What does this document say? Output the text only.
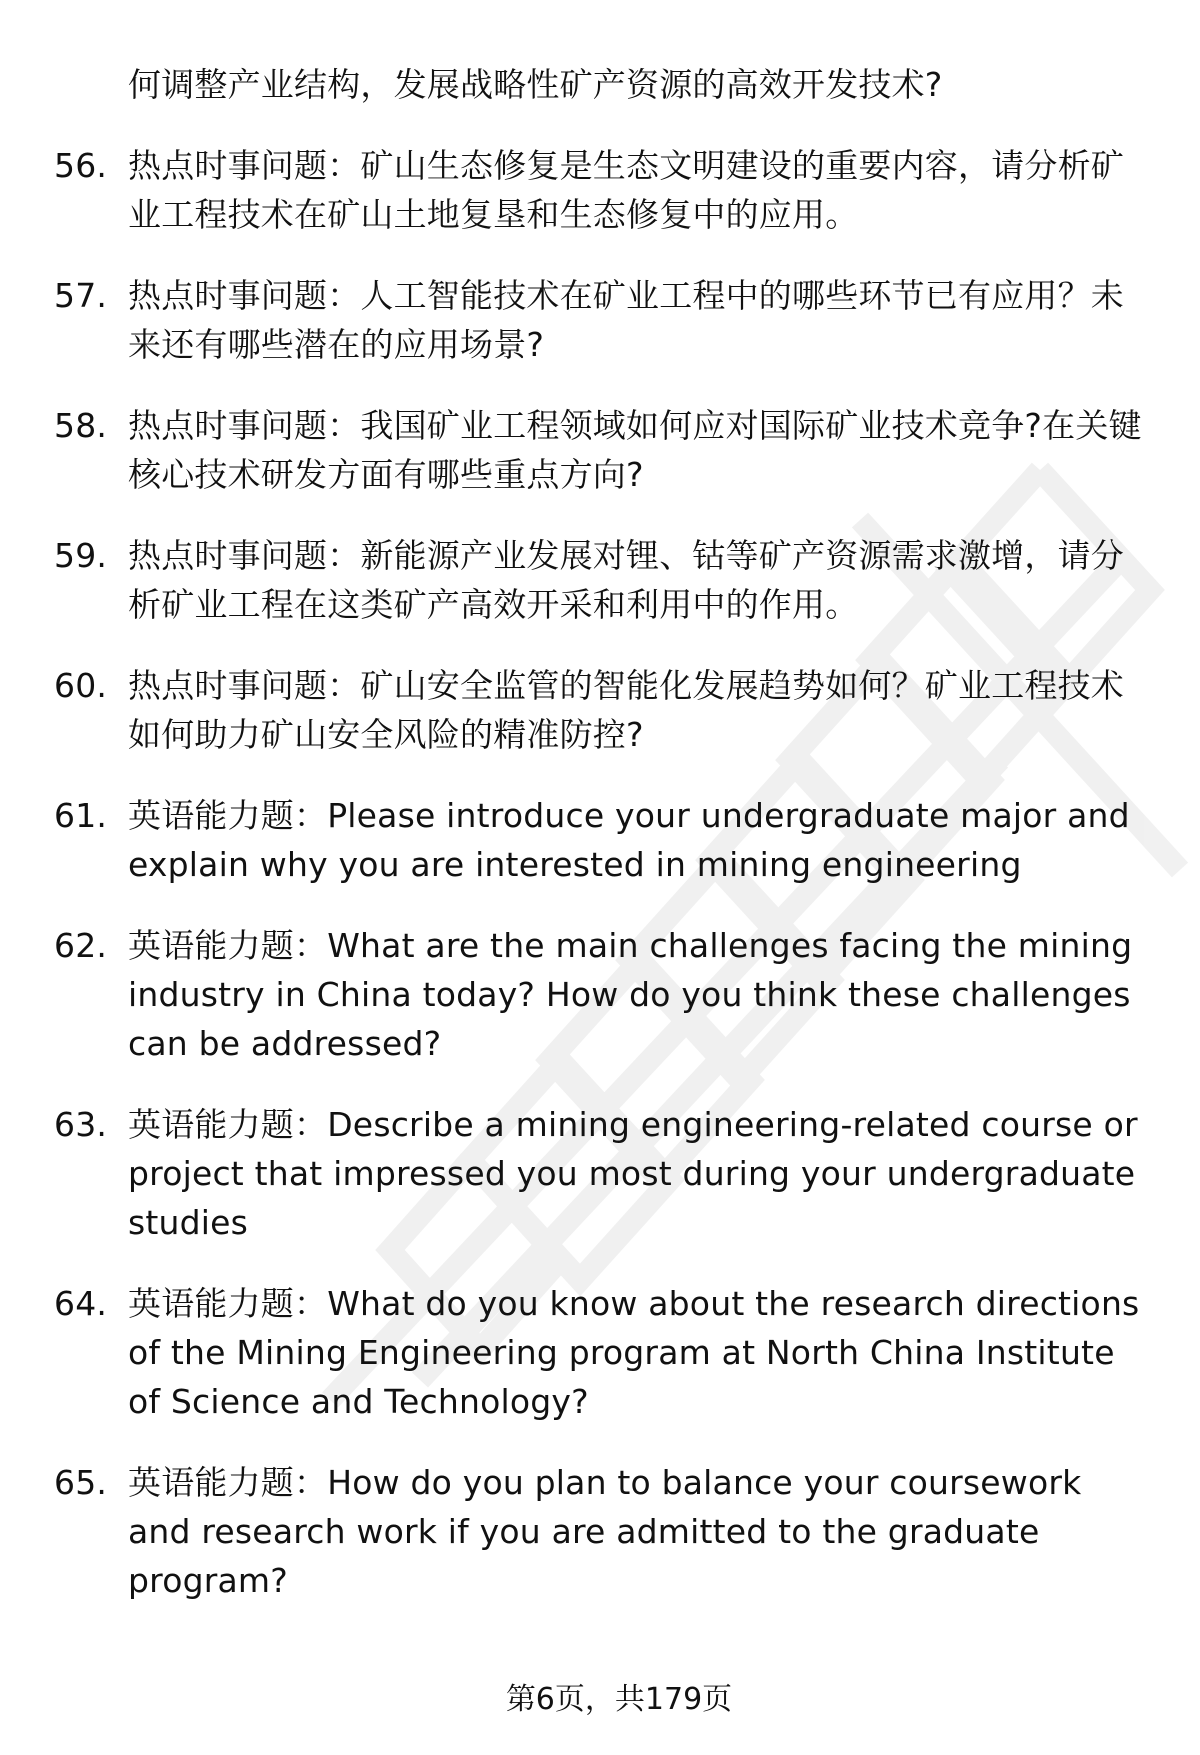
何调整产业结构，发展战略性矿产资源的高效开发技术?
56. 热点时事问题：矿山生态修复是生态文明建设的重要内容，请分析矿业工程技术在矿山土地复垦和生态修复中的应用。
57. 热点时事问题：人工智能技术在矿业工程中的哪些环节已有应用？未来还有哪些潜在的应用场景?
58. 热点时事问题：我国矿业工程领域如何应对国际矿业技术竞争?在关键核心技术研发方面有哪些重点方向?
59. 热点时事问题：新能源产业发展对锂、钴等矿产资源需求激增，请分析矿业工程在这类矿产高效开采和利用中的作用。
60. 热点时事问题：矿山安全监管的智能化发展趋势如何？矿业工程技术如何助力矿山安全风险的精准防控?
61. 英语能力题：Please introduce your undergraduate major and explain why you are interested in mining engineering
62. 英语能力题：What are the main challenges facing the mining industry in China today? How do you think these challenges can be addressed?
63. 英语能力题：Describe a mining engineering-related course or project that impressed you most during your undergraduate studies
64. 英语能力题：What do you know about the research directions of the Mining Engineering program at North China Institute of Science and Technology?
65. 英语能力题：How do you plan to balance your coursework and research work if you are admitted to the graduate program?
第6页，共179页
